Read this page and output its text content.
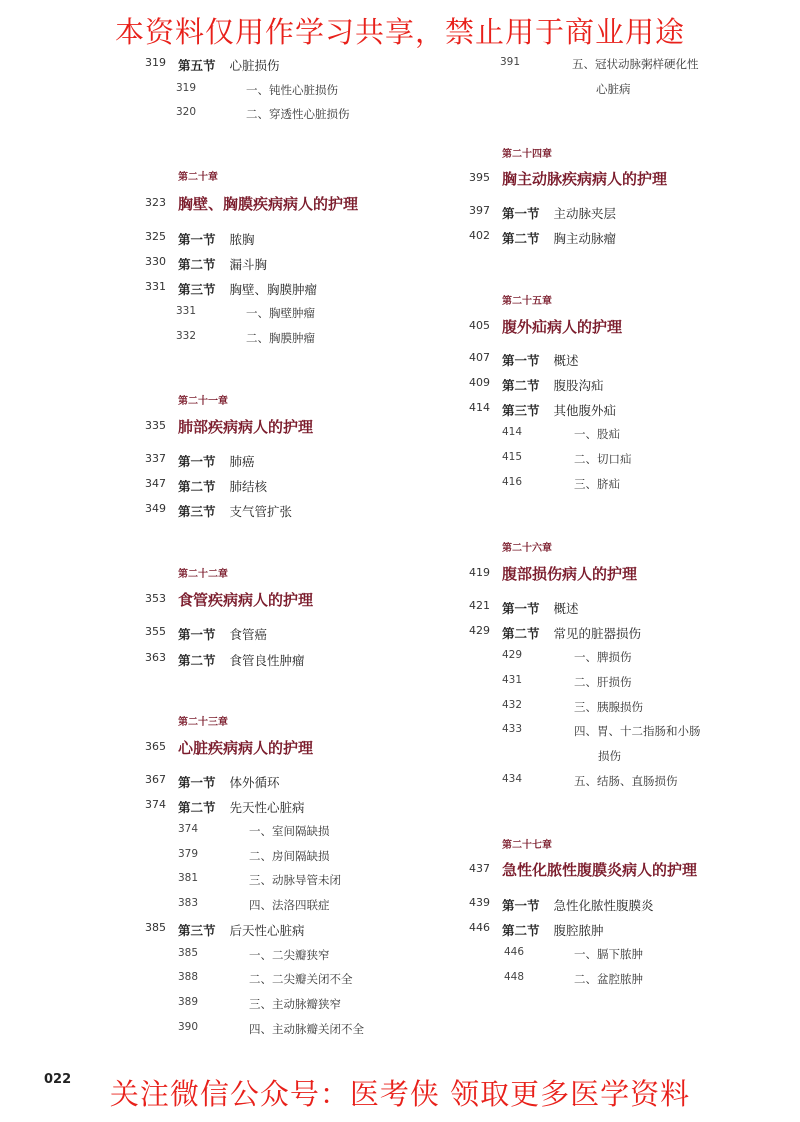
本资料仅用作学习共享，禁止用于商业用途
319 第五节 心脏损伤
319	一、钝性心脏损伤
320	二、穿透性心脏损伤
第二十章
323 胸壁、胸膜疾病病人的护理
325 第一节 脓胸
330 第二节 漏斗胸
331 第三节 胸壁、胸膜肿瘤
331	一、胸壁肿瘤
332	二、胸膜肿瘤
第二十一章
335 肺部疾病病人的护理
337 第一节 肺癌
347 第二节 肺结核
349 第三节 支气管扩张
第二十二章
353 食管疾病病人的护理
355 第一节 食管癌
363 第二节 食管良性肿瘤
第二十三章
365 心脏疾病病人的护理
367 第一节 体外循环
374 第二节 先天性心脏病
374	一、室间隔缺损
379	二、房间隔缺损
381	三、动脉导管未闭
383	四、法洛四联症
385 第三节 后天性心脏病
385	一、二尖瓣狭窄
388	二、二尖瓣关闭不全
389	三、主动脉瓣狭窄
390	四、主动脉瓣关闭不全
391	五、冠状动脉粥样硬化性
心脏病
第二十四章
395 胸主动脉疾病病人的护理
397 第一节 主动脉夹层
402 第二节 胸主动脉瘤
第二十五章
405 腹外疝病人的护理
407 第一节 概述
409 第二节 腹股沟疝
414 第三节 其他腹外疝
414	一、股疝
415	二、切口疝
416	三、脐疝
第二十六章
419 腹部损伤病人的护理
421 第一节 概述
429 第二节 常见的脏器损伤
429	一、脾损伤
431	二、肝损伤
432	三、胰腺损伤
433	四、胃、十二指肠和小肠
损伤
434	五、结肠、直肠损伤
第二十七章
437 急性化脓性腹膜炎病人的护理
439 第一节 急性化脓性腹膜炎
446 第二节 腹腔脓肿
446	一、膈下脓肿
448	二、盆腔脓肿
022	关注微信公众号：医考侠 领取更多医学资料
